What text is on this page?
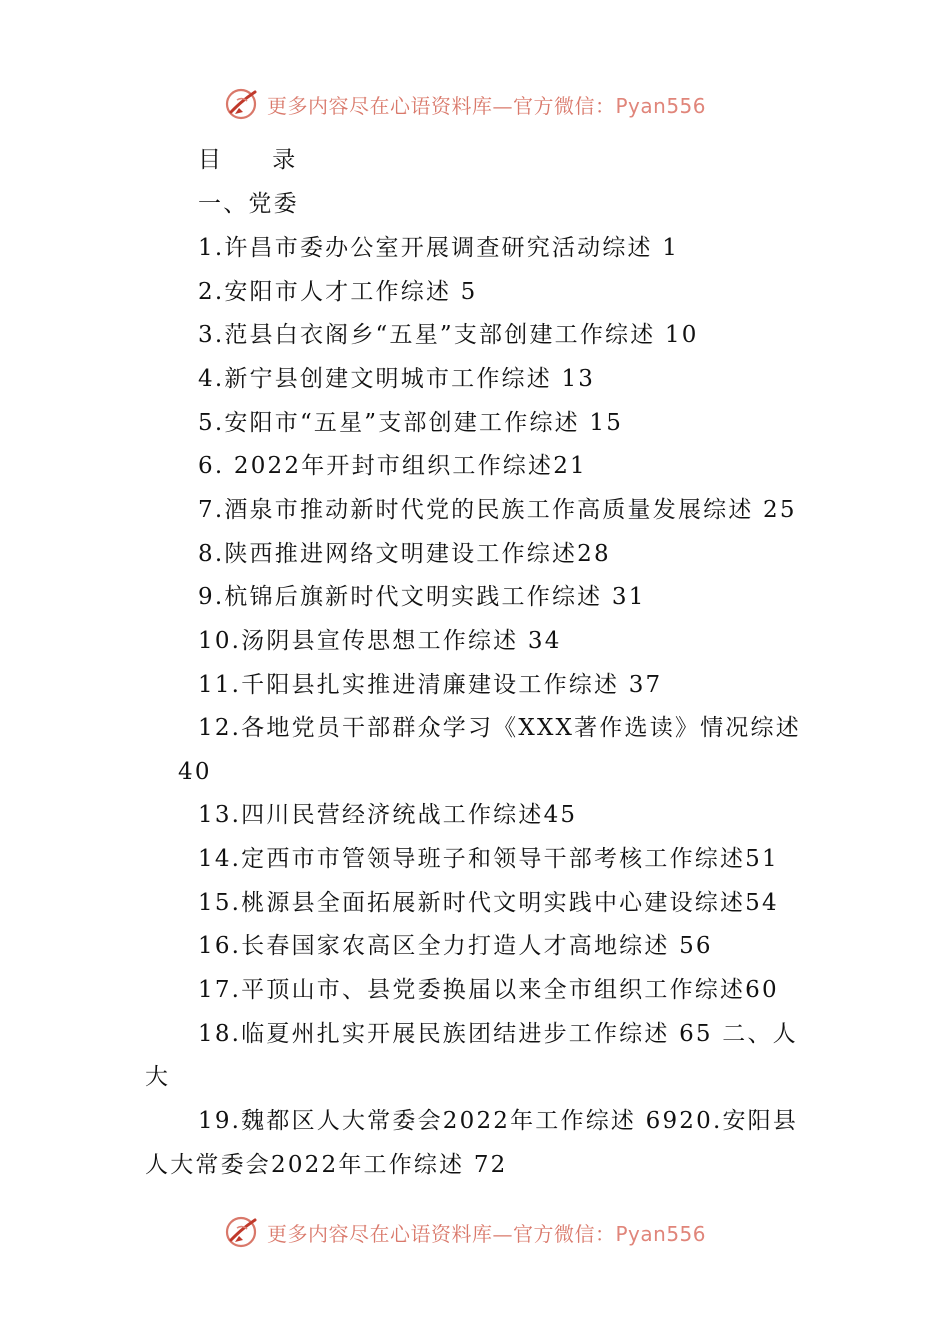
更多内容尽在心语资料库—官方微信：Pyan556
目 录
一、党委
1.许昌市委办公室开展调查研究活动综述 1
2.安阳市人才工作综述 5
3.范县白衣阁乡“五星”支部创建工作综述 10
4.新宁县创建文明城市工作综述 13
5.安阳市“五星”支部创建工作综述 15
6. 2022年开封市组织工作综述21
7.酒泉市推动新时代党的民族工作高质量发展综述 25
8.陕西推进网络文明建设工作综述28
9.杭锦后旗新时代文明实践工作综述 31
10.汤阴县宣传思想工作综述 34
11.千阳县扎实推进清廉建设工作综述 37
12.各地党员干部群众学习《XXX著作选读》情况综述
40
13.四川民营经济统战工作综述45
14.定西市市管领导班子和领导干部考核工作综述51
15.桃源县全面拓展新时代文明实践中心建设综述54
16.长春国家农高区全力打造人才高地综述 56
17.平顶山市、县党委换届以来全市组织工作综述60
18.临夏州扎实开展民族团结进步工作综述 65 二、人
大
19.魏都区人大常委会2022年工作综述 6920.安阳县
人大常委会2022年工作综述 72
更多内容尽在心语资料库—官方微信：Pyan556
